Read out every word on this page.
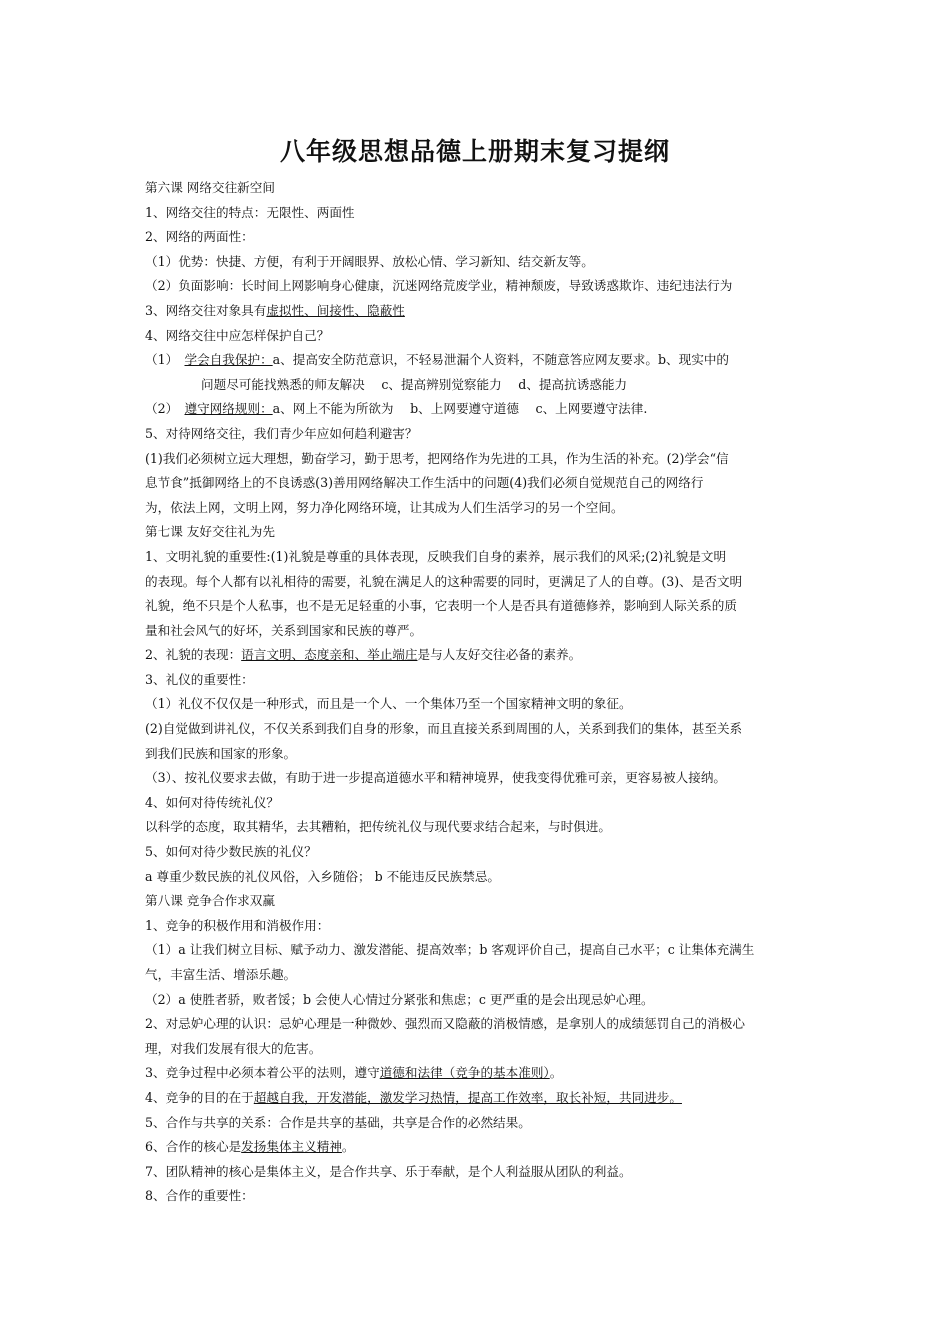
八年级思想品德上册期末复习提纲
第六课 网络交往新空间
1、网络交往的特点：无限性、两面性
2、网络的两面性：
（1）优势：快捷、方便，有利于开阔眼界、放松心情、学习新知、结交新友等。
（2）负面影响：长时间上网影响身心健康，沉迷网络荒废学业，精神颓废，导致诱惑欺诈、违纪违法行为
3、网络交往对象具有虚拟性、间接性、隐蔽性
4、网络交往中应怎样保护自己？
（1）　学会自我保护：a、提高安全防范意识，不轻易泄漏个人资料，不随意答应网友要求。b、现实中的
问题尽可能找熟悉的师友解决　 c、提高辨别觉察能力　 d、提高抗诱惑能力
（2）　遵守网络规则：a、网上不能为所欲为　 b、上网要遵守道德　 c、上网要遵守法律.
5、对待网络交往，我们青少年应如何趋利避害？
(1)我们必须树立远大理想，勤奋学习，勤于思考，把网络作为先进的工具，作为生活的补充。(2)学会“信
息节食”抵御网络上的不良诱惑(3)善用网络解决工作生活中的问题(4)我们必须自觉规范自己的网络行
为，依法上网，文明上网，努力净化网络环境，让其成为人们生活学习的另一个空间。
第七课 友好交往礼为先
1、文明礼貌的重要性:(1)礼貌是尊重的具体表现，反映我们自身的素养，展示我们的风采;(2)礼貌是文明
的表现。每个人都有以礼相待的需要，礼貌在满足人的这种需要的同时，更满足了人的自尊。(3)、是否文明
礼貌，绝不只是个人私事，也不是无足轻重的小事，它表明一个人是否具有道德修养，影响到人际关系的质
量和社会风气的好坏，关系到国家和民族的尊严。
2、礼貌的表现：语言文明、态度亲和、举止端庄是与人友好交往必备的素养。
3、礼仪的重要性：
（1）礼仪不仅仅是一种形式，而且是一个人、一个集体乃至一个国家精神文明的象征。
(2)自觉做到讲礼仪，不仅关系到我们自身的形象，而且直接关系到周围的人，关系到我们的集体，甚至关系
到我们民族和国家的形象。
（3）、按礼仪要求去做，有助于进一步提高道德水平和精神境界，使我变得优雅可亲，更容易被人接纳。
4、如何对待传统礼仪？
以科学的态度，取其精华，去其糟粕，把传统礼仪与现代要求结合起来，与时俱进。
5、如何对待少数民族的礼仪？
a 尊重少数民族的礼仪风俗，入乡随俗； b 不能违反民族禁忌。
第八课 竞争合作求双赢
1、竞争的积极作用和消极作用：
（1）a 让我们树立目标、赋予动力、激发潜能、提高效率；b 客观评价自己，提高自己水平；c 让集体充满生
气，丰富生活、增添乐趣。
（2）a 使胜者骄，败者馁；b 会使人心情过分紧张和焦虑；c 更严重的是会出现忌妒心理。
2、对忌妒心理的认识：忌妒心理是一种微妙、强烈而又隐蔽的消极情感，是拿别人的成绩惩罚自己的消极心
理，对我们发展有很大的危害。
3、竞争过程中必须本着公平的法则，遵守道德和法律（竞争的基本准则）。
4、竞争的目的在于超越自我，开发潜能，激发学习热情，提高工作效率，取长补短，共同进步。
5、合作与共享的关系：合作是共享的基础，共享是合作的必然结果。
6、合作的核心是发扬集体主义精神。
7、团队精神的核心是集体主义，是合作共享、乐于奉献，是个人利益服从团队的利益。
8、合作的重要性：
